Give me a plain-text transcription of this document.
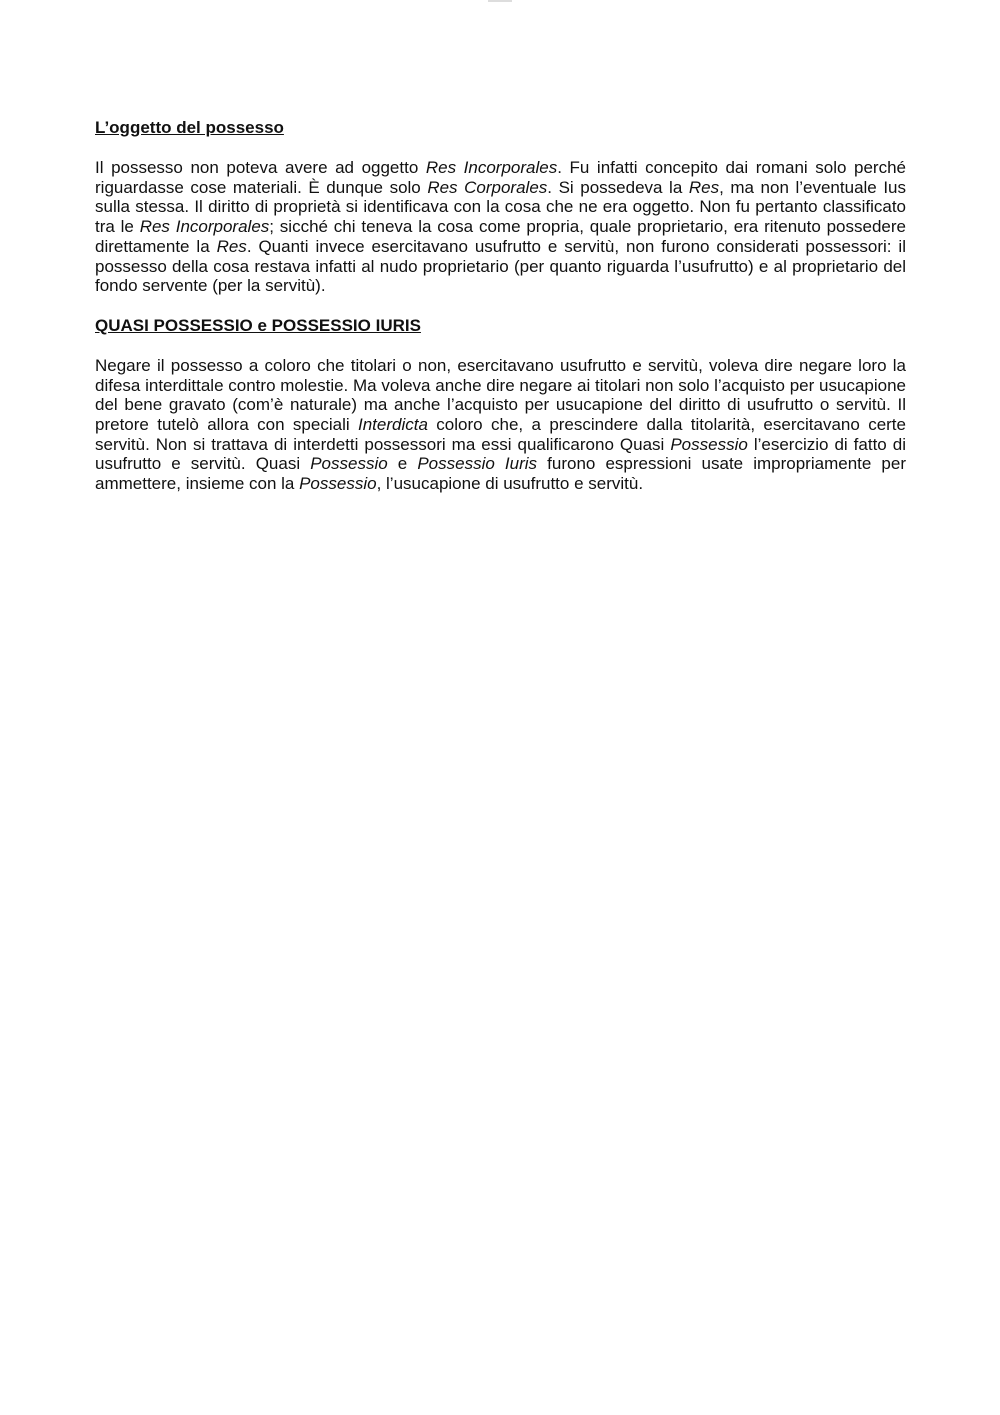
L’oggetto del possesso

Il possesso non poteva avere ad oggetto Res Incorporales. Fu infatti concepito dai romani solo perché riguardasse cose materiali. È dunque solo Res Corporales. Si possedeva la Res, ma non l’eventuale Ius sulla stessa. Il diritto di proprietà si identificava con la cosa che ne era oggetto. Non fu pertanto classificato tra le Res Incorporales; sicché chi teneva la cosa come propria, quale proprietario, era ritenuto possedere direttamente la Res. Quanti invece esercitavano usufrutto e servitù, non furono considerati possessori: il possesso della cosa restava infatti al nudo proprietario (per quanto riguarda l’usufrutto) e al proprietario del fondo servente (per la servitù).

QUASI POSSESSIO e POSSESSIO IURIS

Negare il possesso a coloro che titolari o non, esercitavano usufrutto e servitù, voleva dire negare loro la difesa interdittale contro molestie. Ma voleva anche dire negare ai titolari non solo l’acquisto per usucapione del bene gravato (com’è naturale) ma anche l’acquisto per usucapione del diritto di usufrutto o servitù. Il pretore tutelò allora con speciali Interdicta coloro che, a prescindere dalla titolarità, esercitavano certe servitù. Non si trattava di interdetti possessori ma essi qualificarono Quasi Possessio l’esercizio di fatto di usufrutto e servitù. Quasi Possessio e Possessio Iuris furono espressioni usate impropriamente per ammettere, insieme con la Possessio, l’usucapione di usufrutto e servitù.
